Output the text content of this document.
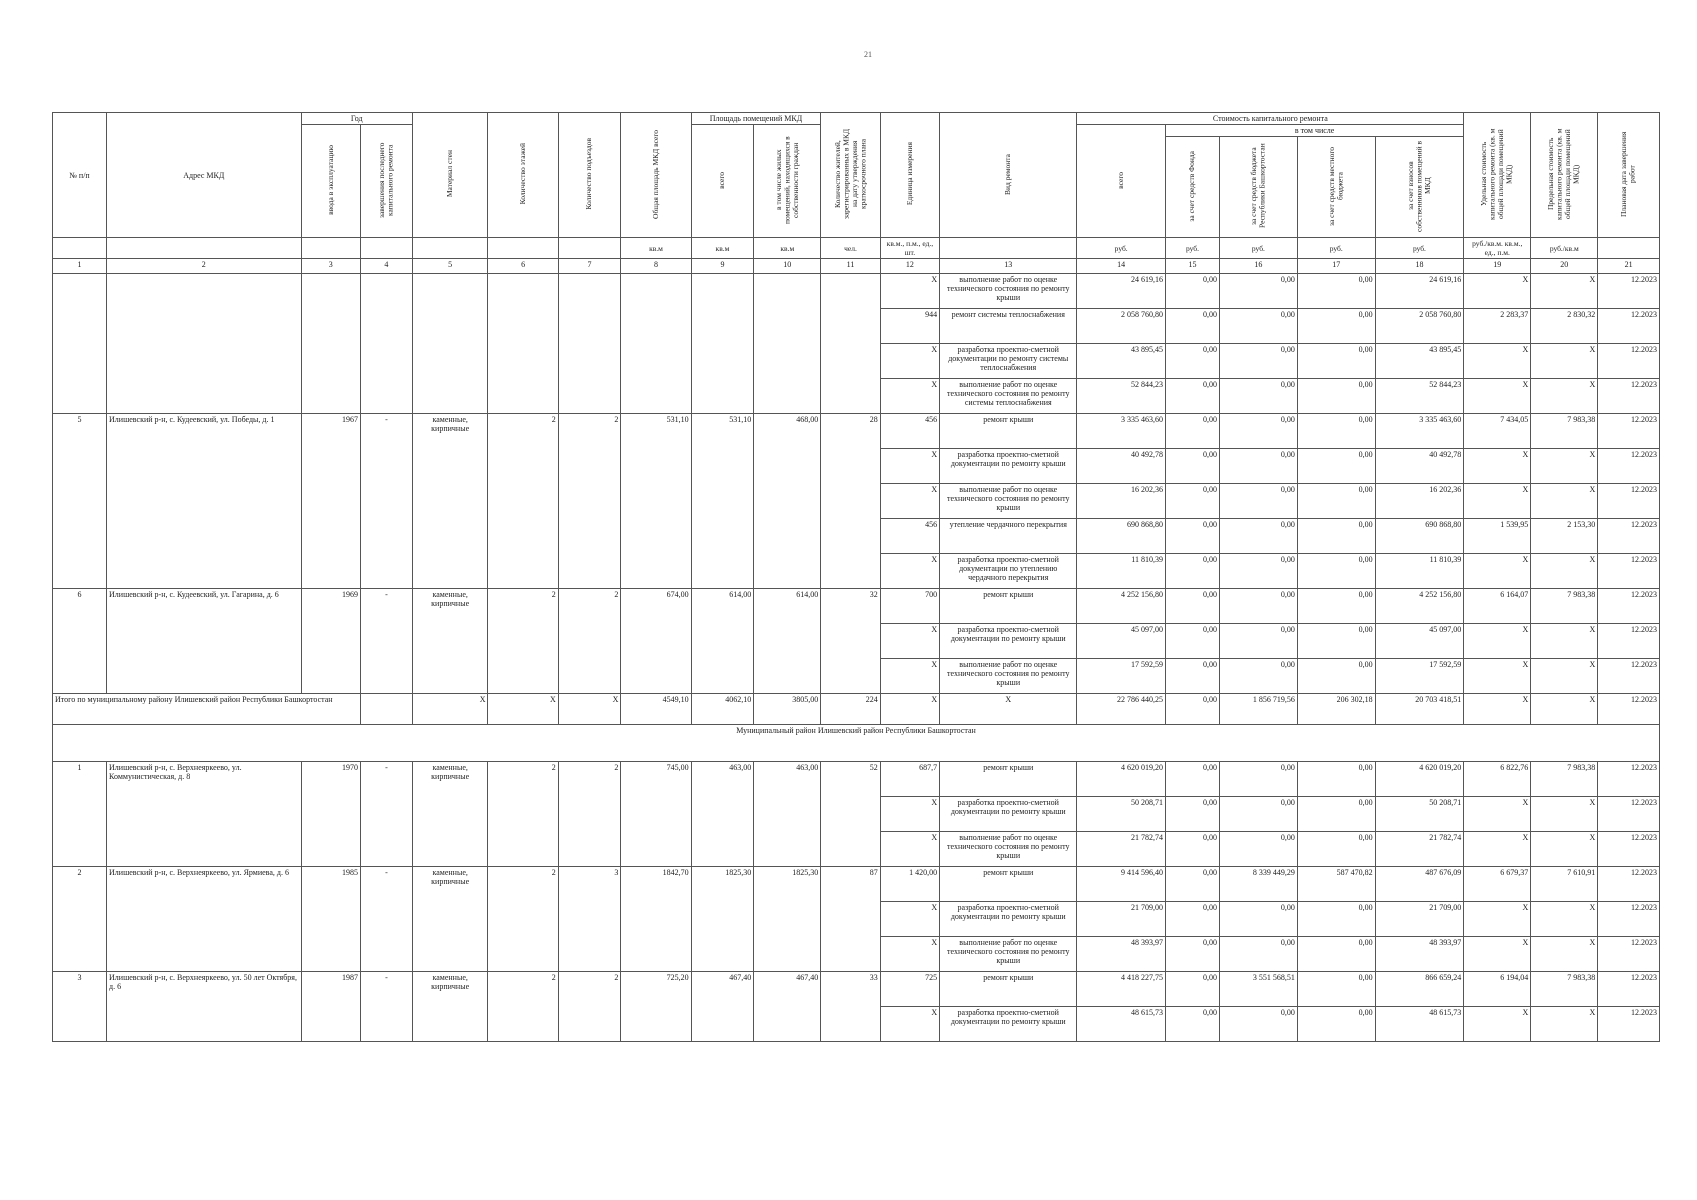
21
№ п/п	Адрес МКД	Год		Материал стен	Количество этажей	Количество подъездов	Общая площадь МКД всего	Площадь помещений МКД		Количество жителей, зарегистрированных в МКД на дату утверждения краткосрочного плана	Единица измерения	Вид ремонта	Стоимость капитального ремонта					Удельная стоимость капитального ремонта (кв. м общей площади помещений МКД)	Предельная стоимость капитального ремонта (кв. м общей площади помещений МКД)	Плановая дата завершения работ
		ввода в эксплуатацию	завершения последнего капитального ремонта					всего	в том числе жилых помещений, находящихся в собственности граждан				всего	в том числе						
														за счет средств Фонда	за счет средств бюджета Республики Башкортостан	за счет средств местного бюджета	за счет взносов собственников помещений в МКД			
							кв.м	кв.м	кв.м	чел.	кв.м., п.м., ед., шт.		руб.	руб.	руб.	руб.	руб.	руб./кв.м. кв.м., ед., п.м.	руб./кв.м	
1	2	3	4	5	6	7	8	9	10	11	12	13	14	15	16	17	18	19	20	21
											X	выполнение работ по оценке технического состояния по ремонту крыши	24 619,16	0,00	0,00	0,00	24 619,16	X	X	12.2023
											944	ремонт системы теплоснабжения	2 058 760,80	0,00	0,00	0,00	2 058 760,80	2 283,37	2 830,32	12.2023
											X	разработка проектно-сметной документации по ремонту системы теплоснабжения	43 895,45	0,00	0,00	0,00	43 895,45	X	X	12.2023
											X	выполнение работ по оценке технического состояния по ремонту системы теплоснабжения	52 844,23	0,00	0,00	0,00	52 844,23	X	X	12.2023
5	Илишевский р-н, с. Кудеевский, ул. Победы, д. 1	1967	-	каменные, кирпичные	2	2	531,10	531,10	468,00	28	456	ремонт крыши	3 335 463,60	0,00	0,00	0,00	3 335 463,60	7 434,05	7 983,38	12.2023
											X	разработка проектно-сметной документации по ремонту крыши	40 492,78	0,00	0,00	0,00	40 492,78	X	X	12.2023
											X	выполнение работ по оценке технического состояния по ремонту крыши	16 202,36	0,00	0,00	0,00	16 202,36	X	X	12.2023
											456	утепление чердачного перекрытия	690 868,80	0,00	0,00	0,00	690 868,80	1 539,95	2 153,30	12.2023
											X	разработка проектно-сметной документации по утеплению чердачного перекрытия	11 810,39	0,00	0,00	0,00	11 810,39	X	X	12.2023
6	Илишевский р-н, с. Кудеевский, ул. Гагарина, д. 6	1969	-	каменные, кирпичные	2	2	674,00	614,00	614,00	32	700	ремонт крыши	4 252 156,80	0,00	0,00	0,00	4 252 156,80	6 164,07	7 983,38	12.2023
											X	разработка проектно-сметной документации по ремонту крыши	45 097,00	0,00	0,00	0,00	45 097,00	X	X	12.2023
											X	выполнение работ по оценке технического состояния по ремонту крыши	17 592,59	0,00	0,00	0,00	17 592,59	X	X	12.2023
Итого по муниципальному району Илишевский район Республики Башкортостан				X	X	X	4549,10	4062,10	3805,00	224	X	X	22 786 440,25	0,00	1 856 719,56	206 302,18	20 703 418,51	X	X	12.2023
Муниципальный район Илишевский район Республики Башкортостан																				
1	Илишевский р-н, с. Верхнеяркеево, ул. Коммунистическая, д. 8	1970	-	каменные, кирпичные	2	2	745,00	463,00	463,00	52	687,7	ремонт крыши	4 620 019,20	0,00	0,00	0,00	4 620 019,20	6 822,76	7 983,38	12.2023
											X	разработка проектно-сметной документации по ремонту крыши	50 208,71	0,00	0,00	0,00	50 208,71	X	X	12.2023
											X	выполнение работ по оценке технического состояния по ремонту крыши	21 782,74	0,00	0,00	0,00	21 782,74	X	X	12.2023
2	Илишевский р-н, с. Верхнеяркеево, ул. Ярмиева, д. 6	1985	-	каменные, кирпичные	2	3	1842,70	1825,30	1825,30	87	1 420,00	ремонт крыши	9 414 596,40	0,00	8 339 449,29	587 470,82	487 676,09	6 679,37	7 610,91	12.2023
											X	разработка проектно-сметной документации по ремонту крыши	21 709,00	0,00	0,00	0,00	21 709,00	X	X	12.2023
											X	выполнение работ по оценке технического состояния по ремонту крыши	48 393,97	0,00	0,00	0,00	48 393,97	X	X	12.2023
3	Илишевский р-н, с. Верхнеяркеево, ул. 50 лет Октября, д. 6	1987	-	каменные, кирпичные	2	2	725,20	467,40	467,40	33	725	ремонт крыши	4 418 227,75	0,00	3 551 568,51	0,00	866 659,24	6 194,04	7 983,38	12.2023
											X	разработка проектно-сметной документации по ремонту крыши	48 615,73	0,00	0,00	0,00	48 615,73	X	X	12.2023
